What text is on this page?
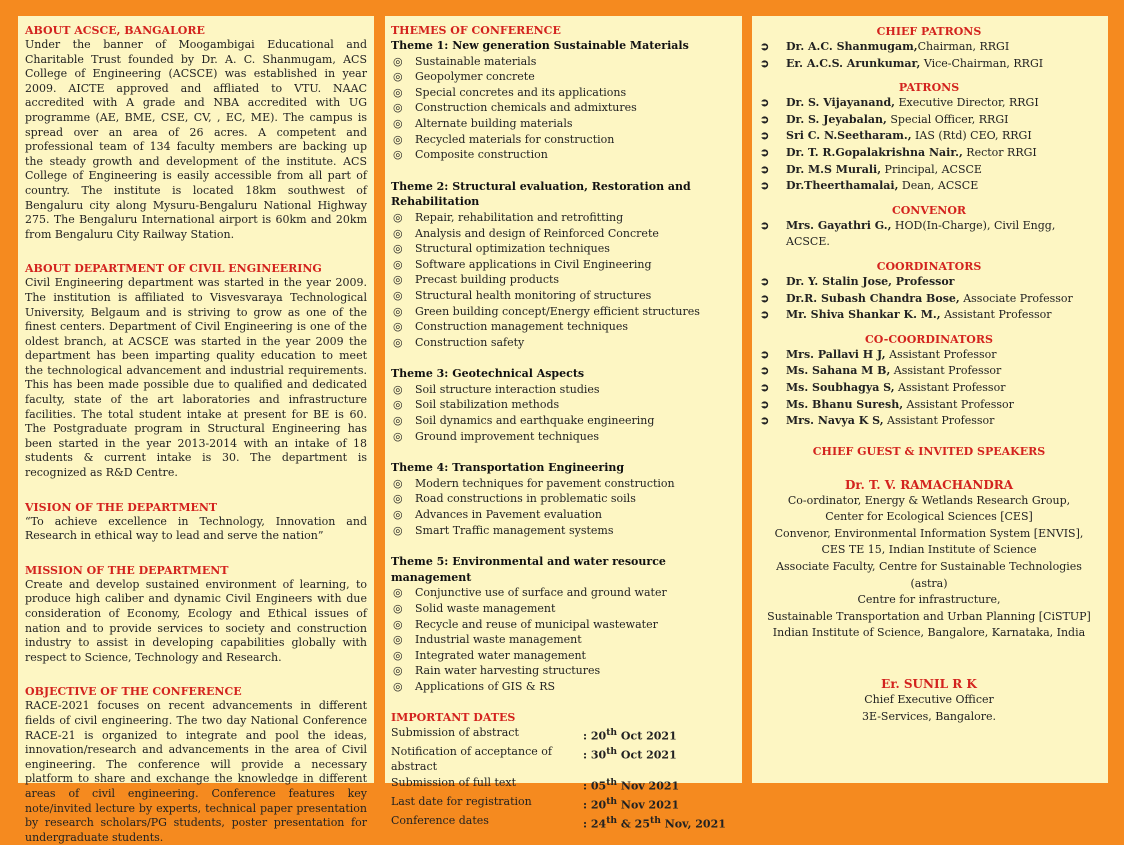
ABOUT ACSCE, BANGALORE

Under the banner of Moogambigai Educational and Charitable Trust founded by Dr. A. C. Shanmugam, ACS College of Engineering (ACSCE) was established in year 2009. AICTE approved and affliated to VTU. NAAC accredited with A grade and NBA accredited with UG programme (AE, BME, CSE, CV, , EC, ME). The campus is spread over an area of 26 acres. A competent and professional team of 134 faculty members are backing up the steady growth and development of the institute. ACS College of Engineering is easily accessible from all part of country. The institute is located 18km southwest of Bengaluru city along Mysuru-Bengaluru National Highway 275. The Bengaluru International airport is 60km and 20km from Bengaluru City Railway Station.

ABOUT DEPARTMENT OF CIVIL ENGINEERING

Civil Engineering department was started in the year 2009. The institution is affiliated to Visvesvaraya Technological University, Belgaum and is striving to grow as one of the finest centers. Department of Civil Engineering is one of the oldest branch, at ACSCE was started in the year 2009 the department has been imparting quality education to meet the technological advancement and industrial requirements. This has been made possible due to qualified and dedicated faculty, state of the art laboratories and infrastructure facilities. The total student intake at present for BE is 60. The Postgraduate program in Structural Engineering has been started in the year 2013-2014 with an intake of 18 students & current intake is 30. The department is recognized as R&D Centre.

VISION OF THE DEPARTMENT

“To achieve excellence in Technology, Innovation and Research in ethical way to lead and serve the nation”

MISSION OF THE DEPARTMENT

Create and develop sustained environment of learning, to produce high caliber and dynamic Civil Engineers with due consideration of Economy, Ecology and Ethical issues of nation and to provide services to society and construction industry to assist in developing capabilities globally with respect to Science, Technology and Research.

OBJECTIVE OF THE CONFERENCE

RACE-2021 focuses on recent advancements in different fields of civil engineering. The two day National Conference RACE-21 is organized to integrate and pool the ideas, innovation/research and advancements in the area of Civil engineering. The conference will provide a necessary platform to share and exchange the knowledge in different areas of civil engineering. Conference features key note/invited lecture by experts, technical paper presentation by research scholars/PG students, poster presentation for undergraduate students.

THEMES OF CONFERENCE
Theme 1: New generation Sustainable Materials
◎ Sustainable materials
◎ Geopolymer concrete
◎ Special concretes and its applications
◎ Construction chemicals and admixtures
◎ Alternate building materials
◎ Recycled materials for construction
◎ Composite construction
Theme 2: Structural evaluation, Restoration and Rehabilitation
◎ Repair, rehabilitation and retrofitting
◎ Analysis and design of Reinforced Concrete
◎ Structural optimization techniques
◎ Software applications in Civil Engineering
◎ Precast building products
◎ Structural health monitoring of structures
◎ Green building concept/Energy efficient structures
◎ Construction management techniques
◎ Construction safety
Theme 3: Geotechnical Aspects
◎ Soil structure interaction studies
◎ Soil stabilization methods
◎ Soil dynamics and earthquake engineering
◎ Ground improvement techniques
Theme 4: Transportation Engineering
◎ Modern techniques for pavement construction
◎ Road constructions in problematic soils
◎ Advances in Pavement evaluation
◎ Smart Traffic management systems
Theme 5: Environmental and water resource management
◎ Conjunctive use of surface and ground water
◎ Solid waste management
◎ Recycle and reuse of municipal wastewater
◎ Industrial waste management
◎ Integrated water management
◎ Rain water harvesting structures
◎ Applications of GIS & RS
IMPORTANT DATES
Submission of abstract	: 20th Oct 2021
Notification of acceptance of abstract	: 30th Oct 2021
Submission of full text	: 05th Nov 2021
Last date for registration	: 20th Nov 2021
Conference dates	: 24th & 25th Nov, 2021
CHIEF PATRONS
➲ Dr. A.C. Shanmugam,Chairman, RRGI
➲ Er. A.C.S. Arunkumar, Vice-Chairman, RRGI
PATRONS
➲ Dr. S. Vijayanand, Executive Director, RRGI
➲ Dr. S. Jeyabalan, Special Officer, RRGI
➲ Sri C. N.Seetharam., IAS (Rtd) CEO, RRGI
➲ Dr. T. R.Gopalakrishna Nair., Rector RRGI
➲ Dr. M.S Murali, Principal, ACSCE
➲ Dr.Theerthamalai, Dean, ACSCE
CONVENOR
➲ Mrs. Gayathri G., HOD(In-Charge), Civil Engg, ACSCE.
COORDINATORS
➲ Dr. Y. Stalin Jose, Professor
➲ Dr.R. Subash Chandra Bose, Associate Professor
➲ Mr. Shiva Shankar K. M., Assistant Professor
CO-COORDINATORS
➲ Mrs. Pallavi H J, Assistant Professor
➲ Ms. Sahana M B, Assistant Professor
➲ Ms. Soubhagya S, Assistant Professor
➲ Ms. Bhanu Suresh, Assistant Professor
➲ Mrs. Navya K S, Assistant Professor
CHIEF GUEST & INVITED SPEAKERS
Dr. T. V. RAMACHANDRA
Co-ordinator, Energy & Wetlands Research Group,
Center for Ecological Sciences [CES]
Convenor, Environmental Information System [ENVIS],
CES TE 15, Indian Institute of Science
Associate Faculty, Centre for Sustainable Technologies (astra)
Centre for infrastructure,
Sustainable Transportation and Urban Planning [CiSTUP]
Indian Institute of Science, Bangalore, Karnataka, India
Er. SUNIL R K
Chief Executive Officer
3E-Services, Bangalore.
